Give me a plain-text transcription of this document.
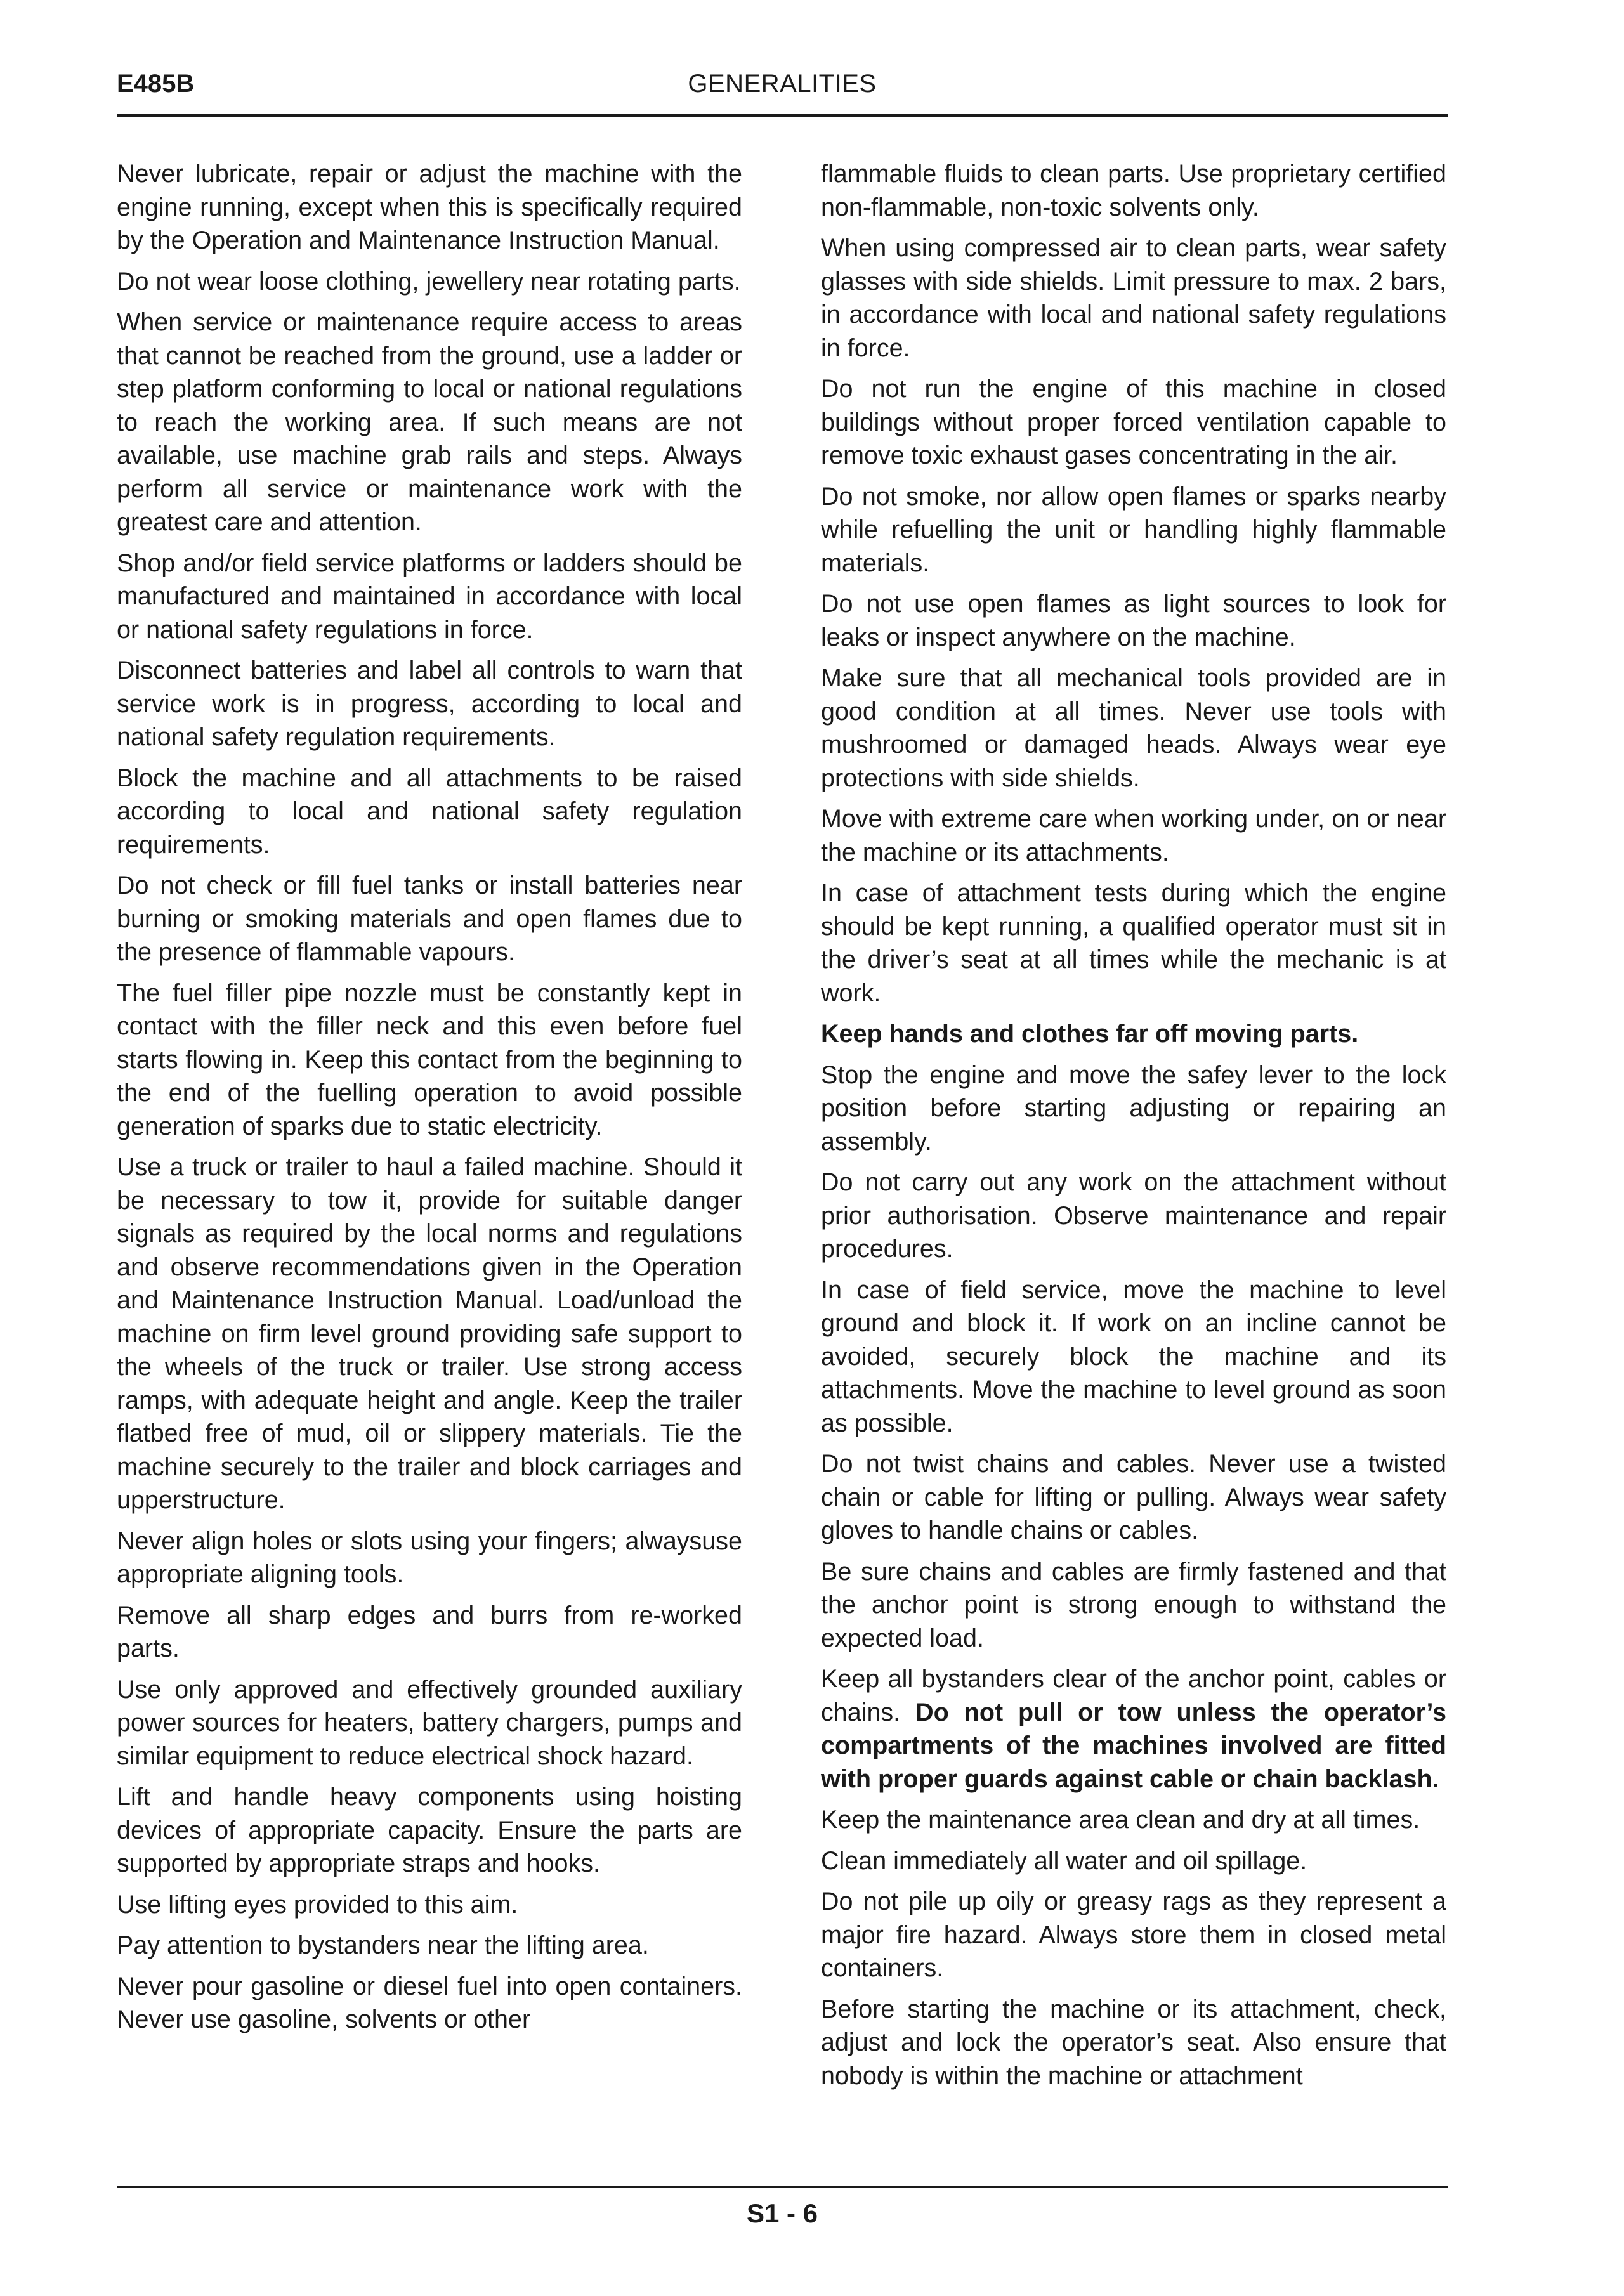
E485B	GENERALITIES

Never lubricate, repair or adjust the machine with the engine running, except when this is specifically required by the Operation and Maintenance Instruction Manual.

Do not wear loose clothing, jewellery near rotating parts.

When service or maintenance require access to areas that cannot be reached from the ground, use a ladder or step platform conforming to local or national regulations to reach the working area. If such means are not available, use machine grab rails and steps. Always perform all service or maintenance work with the greatest care and attention.

Shop and/or field service platforms or ladders should be manufactured and maintained in accordance with local or national safety regulations in force.

Disconnect batteries and label all controls to warn that service work is in progress, according to local and national safety regulation requirements.

Block the machine and all attachments to be raised according to local and national safety regulation requirements.

Do not check or fill fuel tanks or install batteries near burning or smoking materials and open flames due to the presence of flammable vapours.

The fuel filler pipe nozzle must be constantly kept in contact with the filler neck and this even before fuel starts flowing in. Keep this contact from the beginning to the end of the fuelling operation to avoid possible generation of sparks due to static electricity.

Use a truck or trailer to haul a failed machine. Should it be necessary to tow it, provide for suitable danger signals as required by the local norms and regulations and observe recommendations given in the Operation and Maintenance Instruction Manual. Load/unload the machine on firm level ground providing safe support to the wheels of the truck or trailer. Use strong access ramps, with adequate height and angle. Keep the trailer flatbed free of mud, oil or slippery materials. Tie the machine securely to the trailer and block carriages and upperstructure.

Never align holes or slots using your fingers; alwaysuse appropriate aligning tools.

Remove all sharp edges and burrs from re-worked parts.

Use only approved and effectively grounded auxiliary power sources for heaters, battery chargers, pumps and similar equipment to reduce electrical shock hazard.

Lift and handle heavy components using hoisting devices of appropriate capacity. Ensure the parts are supported by appropriate straps and hooks.

Use lifting eyes provided to this aim.

Pay attention to bystanders near the lifting area.

Never pour gasoline or diesel fuel into open containers. Never use gasoline, solvents or other

flammable fluids to clean parts. Use proprietary certified non-flammable, non-toxic solvents only.

When using compressed air to clean parts, wear safety glasses with side shields. Limit pressure to max. 2 bars, in accordance with local and national safety regulations in force.

Do not run the engine of this machine in closed buildings without proper forced ventilation capable to remove toxic exhaust gases concentrating in the air.

Do not smoke, nor allow open flames or sparks nearby while refuelling the unit or handling highly flammable materials.

Do not use open flames as light sources to look for leaks or inspect anywhere on the machine.

Make sure that all mechanical tools provided are in good condition at all times. Never use tools with mushroomed or damaged heads. Always wear eye protections with side shields.

Move with extreme care when working under, on or near the machine or its attachments.

In case of attachment tests during which the engine should be kept running, a qualified operator must sit in the driver’s seat at all times while the mechanic is at work.

Keep hands and clothes far off moving parts.

Stop the engine and move the safey lever to the lock position before starting adjusting or repairing an assembly.

Do not carry out any work on the attachment without prior authorisation. Observe maintenance and repair procedures.

In case of field service, move the machine to level ground and block it. If work on an incline cannot be avoided, securely block the machine and its attachments. Move the machine to level ground as soon as possible.

Do not twist chains and cables. Never use a twisted chain or cable for lifting or pulling. Always wear safety gloves to handle chains or cables.

Be sure chains and cables are firmly fastened and that the anchor point is strong enough to withstand the expected load.

Keep all bystanders clear of the anchor point, cables or chains. Do not pull or tow unless the operator’s compartments of the machines involved are fitted with proper guards against cable or chain backlash.

Keep the maintenance area clean and dry at all times.

Clean immediately all water and oil spillage.

Do not pile up oily or greasy rags as they represent a major fire hazard. Always store them in closed metal containers.

Before starting the machine or its attachment, check, adjust and lock the operator’s seat. Also ensure that nobody is within the machine or attachment

S1 - 6
